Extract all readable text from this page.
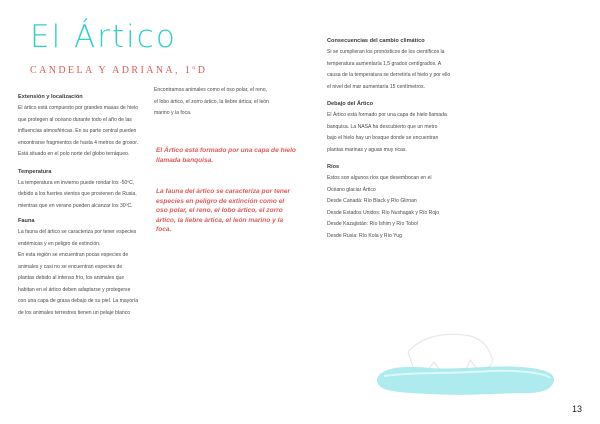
El Ártico
CANDELA Y ADRIANA, 1ºD
Extensión y localización

El ártico está compuesto por grandes masas de hielo

que protegen al océano durante todo el año de las

influencias atmosféricas. En su parte central pueden

encontrarse fragmentos de hasta 4 metros de grosor.

Está situado en el polo norte del globo terráqueo.

Temperatura

La temperatura en invierno puede rondar los -50ºC,

debido a los fuertes vientos que provienen de Rusia,

mientras que en verano pueden alcanzar los 30ºC.

Fauna

La fauna del ártico se caracteriza por tener especies

endémicas y en peligro de extinción.

En esta región se encuentran pocas especies de

animales y casi no se encuentran especies de

plantas debido al intenso frío, los animales que

habitan en el ártico deben adaptarse y protegerse

con una capa de grasa debajo de su piel. La mayoría

de los animales terrestres tienen un pelaje blanco

Encontramos animales como el oso polar, el reno,

el lobo ártico, el zorro ártico, la liebre ártica, el león

marino y la foca.

El Ártico está formado por una capa de hielo llamada banquisa.
La fauna del ártico se caracteriza por tener especies en peligro de extinción como el oso polar, el reno, el lobo ártico, el zorro ártico, la liebre ártica, el león marino y la foca.
Consecuencias del cambio climático

Si se cumplieran los pronósticos de los científicos la

temperatura aumentaría 1,5 grados centígrados. A

causa de la temperatura se derretiría el hielo y por ello

el nivel del mar aumentaría 15 centímetros.

Debajo del Ártico

El Ártico está formado por una capa de hielo llamada

banquisa. La NASA ha descubierto que un metro

bajo el hielo hay un bosque donde se encuentran

plantas marinas y aguas muy ricas.

Ríos

Estos son algunos ríos que desembocan en el

Océano glaciar Ártico

Desde Canadá: Río Black y Río Glirnan

Desde Estados Unidos: Río Nushagak y Río Rojo

Desde Kazajistán: Río Ishim y Río Tobol

Desde Rusia: Río Kola y Río Yug

13
